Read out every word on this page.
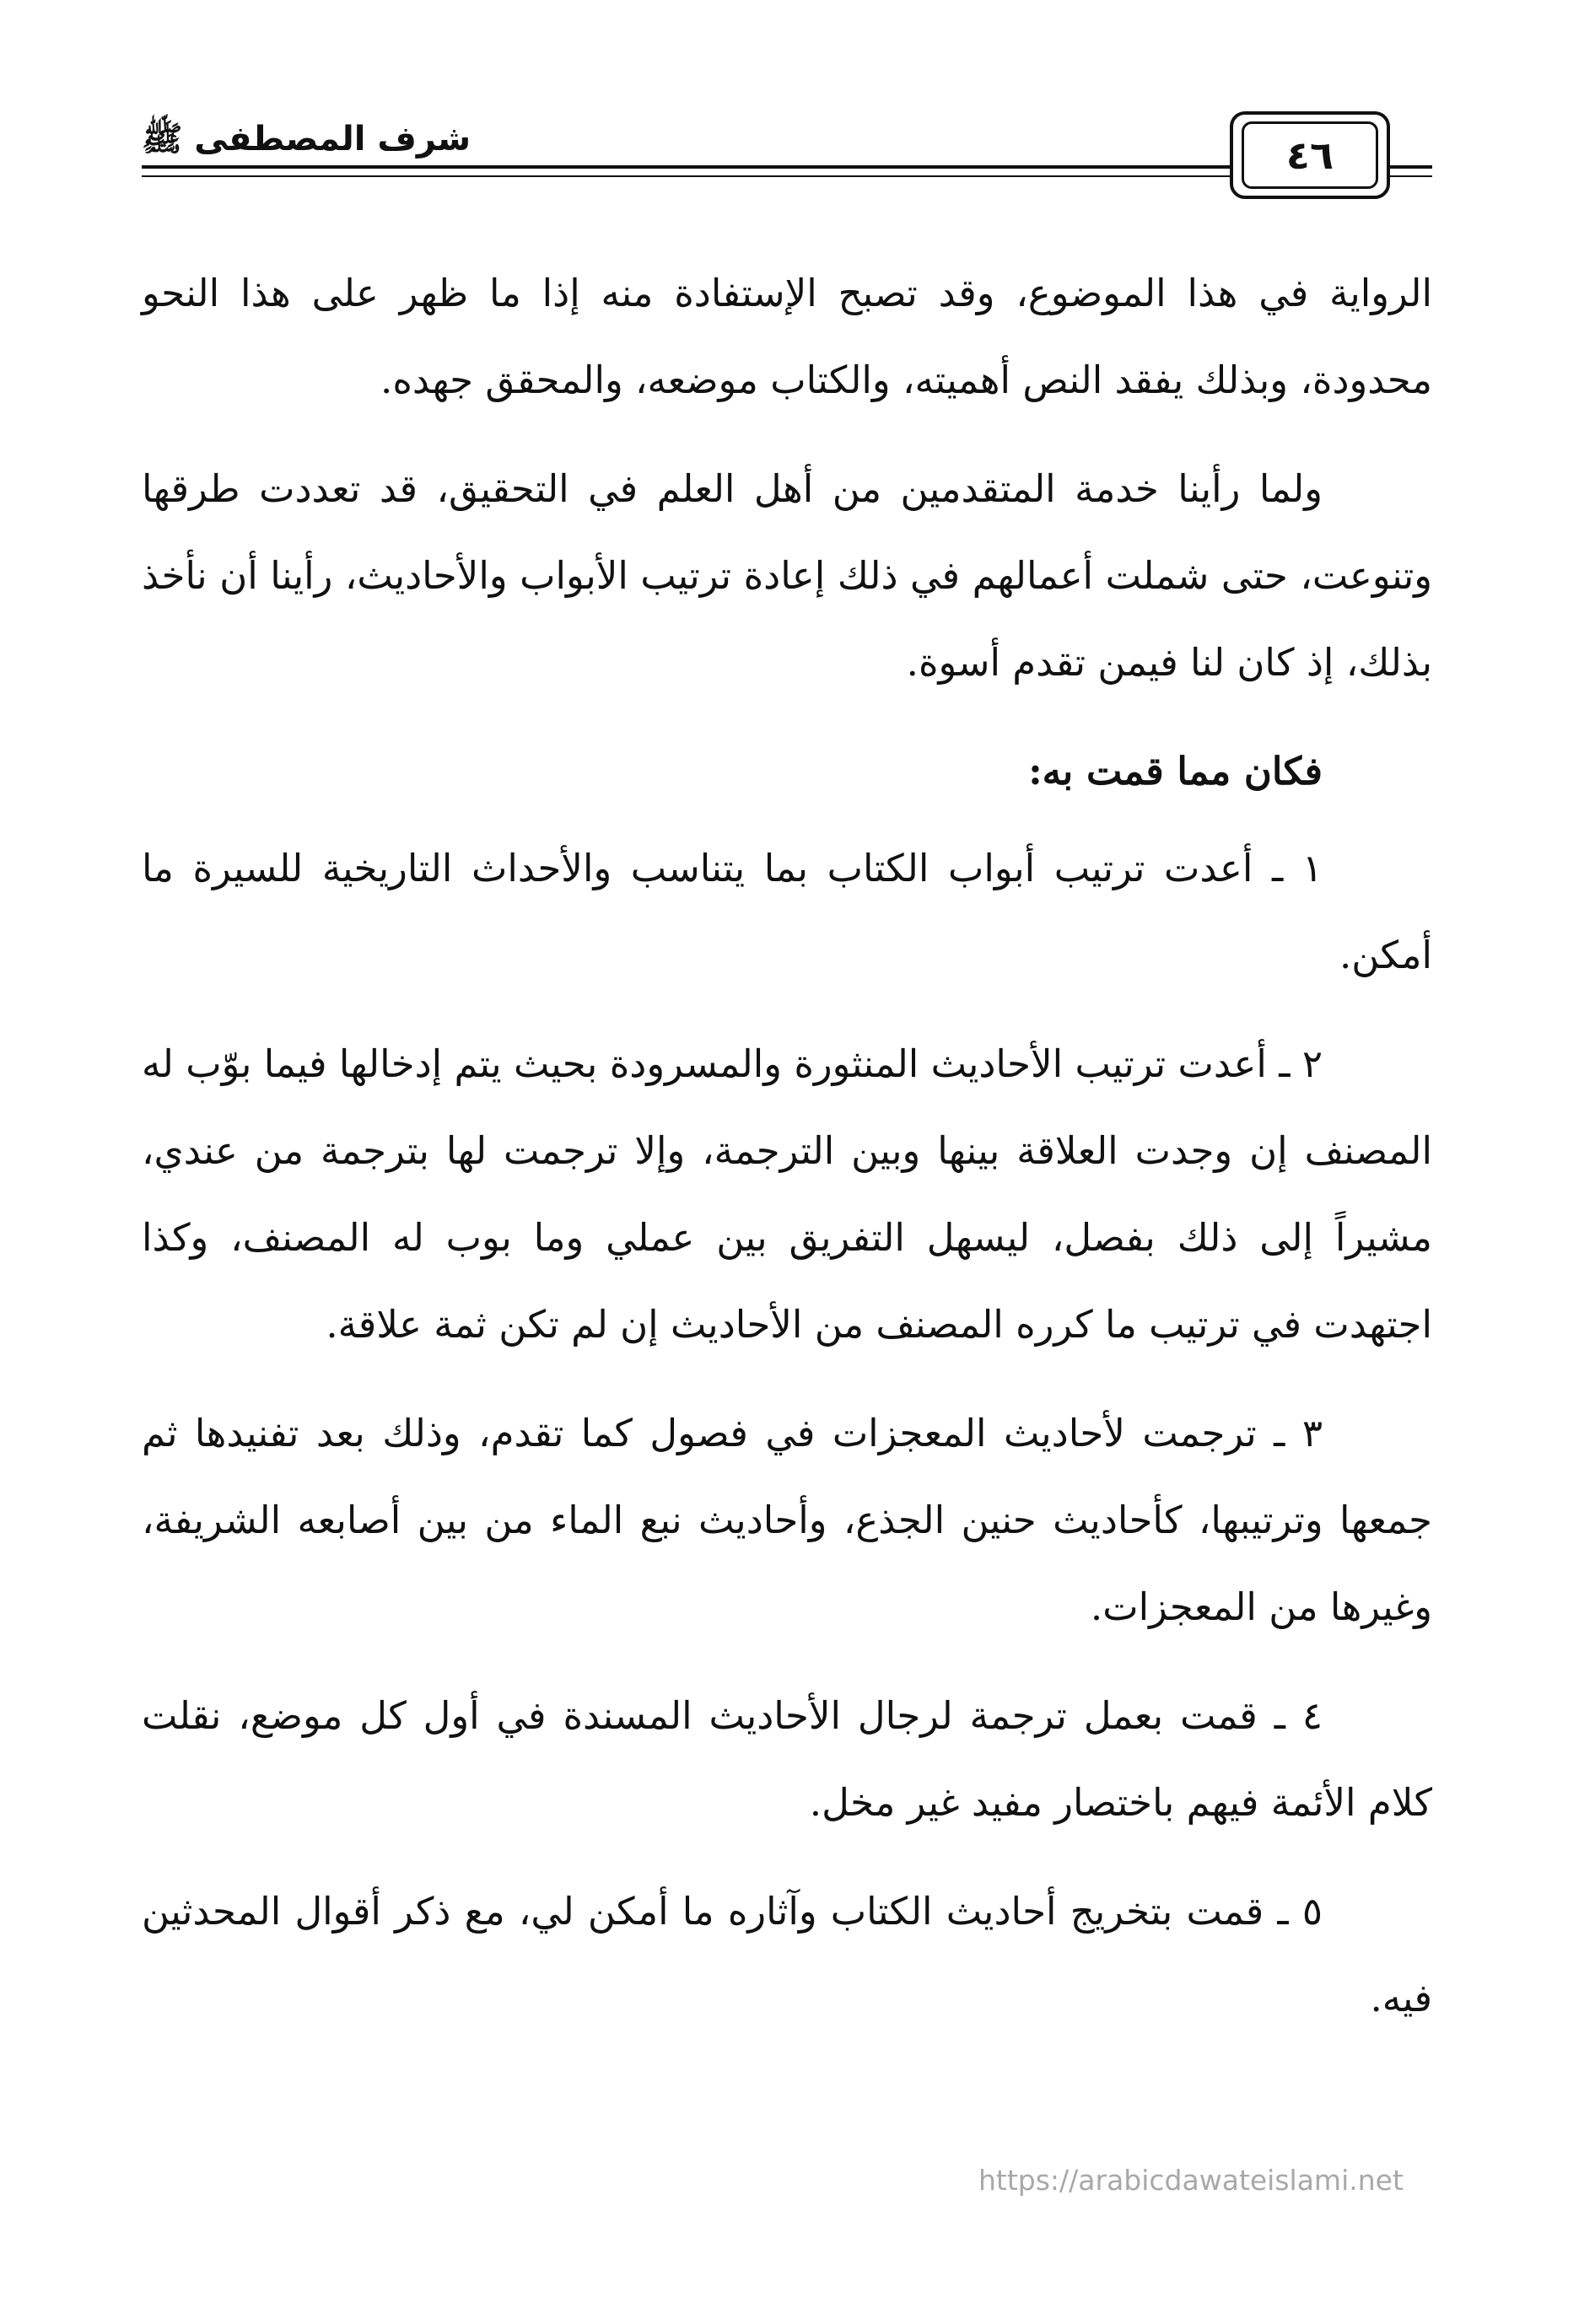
شرف المصطفى ﷺ	٤٦

الرواية في هذا الموضوع، وقد تصبح الإستفادة منه إذا ما ظهر على هذا النحو محدودة، وبذلك يفقد النص أهميته، والكتاب موضعه، والمحقق جهده.

ولما رأينا خدمة المتقدمين من أهل العلم في التحقيق، قد تعددت طرقها وتنوعت، حتى شملت أعمالهم في ذلك إعادة ترتيب الأبواب والأحاديث، رأينا أن نأخذ بذلك، إذ كان لنا فيمن تقدم أسوة.

فكان مما قمت به:

١ ـ أعدت ترتيب أبواب الكتاب بما يتناسب والأحداث التاريخية للسيرة ما أمكن.

٢ ـ أعدت ترتيب الأحاديث المنثورة والمسرودة بحيث يتم إدخالها فيما بوّب له المصنف إن وجدت العلاقة بينها وبين الترجمة، وإلا ترجمت لها بترجمة من عندي، مشيراً إلى ذلك بفصل، ليسهل التفريق بين عملي وما بوب له المصنف، وكذا اجتهدت في ترتيب ما كرره المصنف من الأحاديث إن لم تكن ثمة علاقة.

٣ ـ ترجمت لأحاديث المعجزات في فصول كما تقدم، وذلك بعد تفنيدها ثم جمعها وترتيبها، كأحاديث حنين الجذع، وأحاديث نبع الماء من بين أصابعه الشريفة، وغيرها من المعجزات.

٤ ـ قمت بعمل ترجمة لرجال الأحاديث المسندة في أول كل موضع، نقلت كلام الأئمة فيهم باختصار مفيد غير مخل.

٥ ـ قمت بتخريج أحاديث الكتاب وآثاره ما أمكن لي، مع ذكر أقوال المحدثين فيه.

https://arabicdawateislami.net
